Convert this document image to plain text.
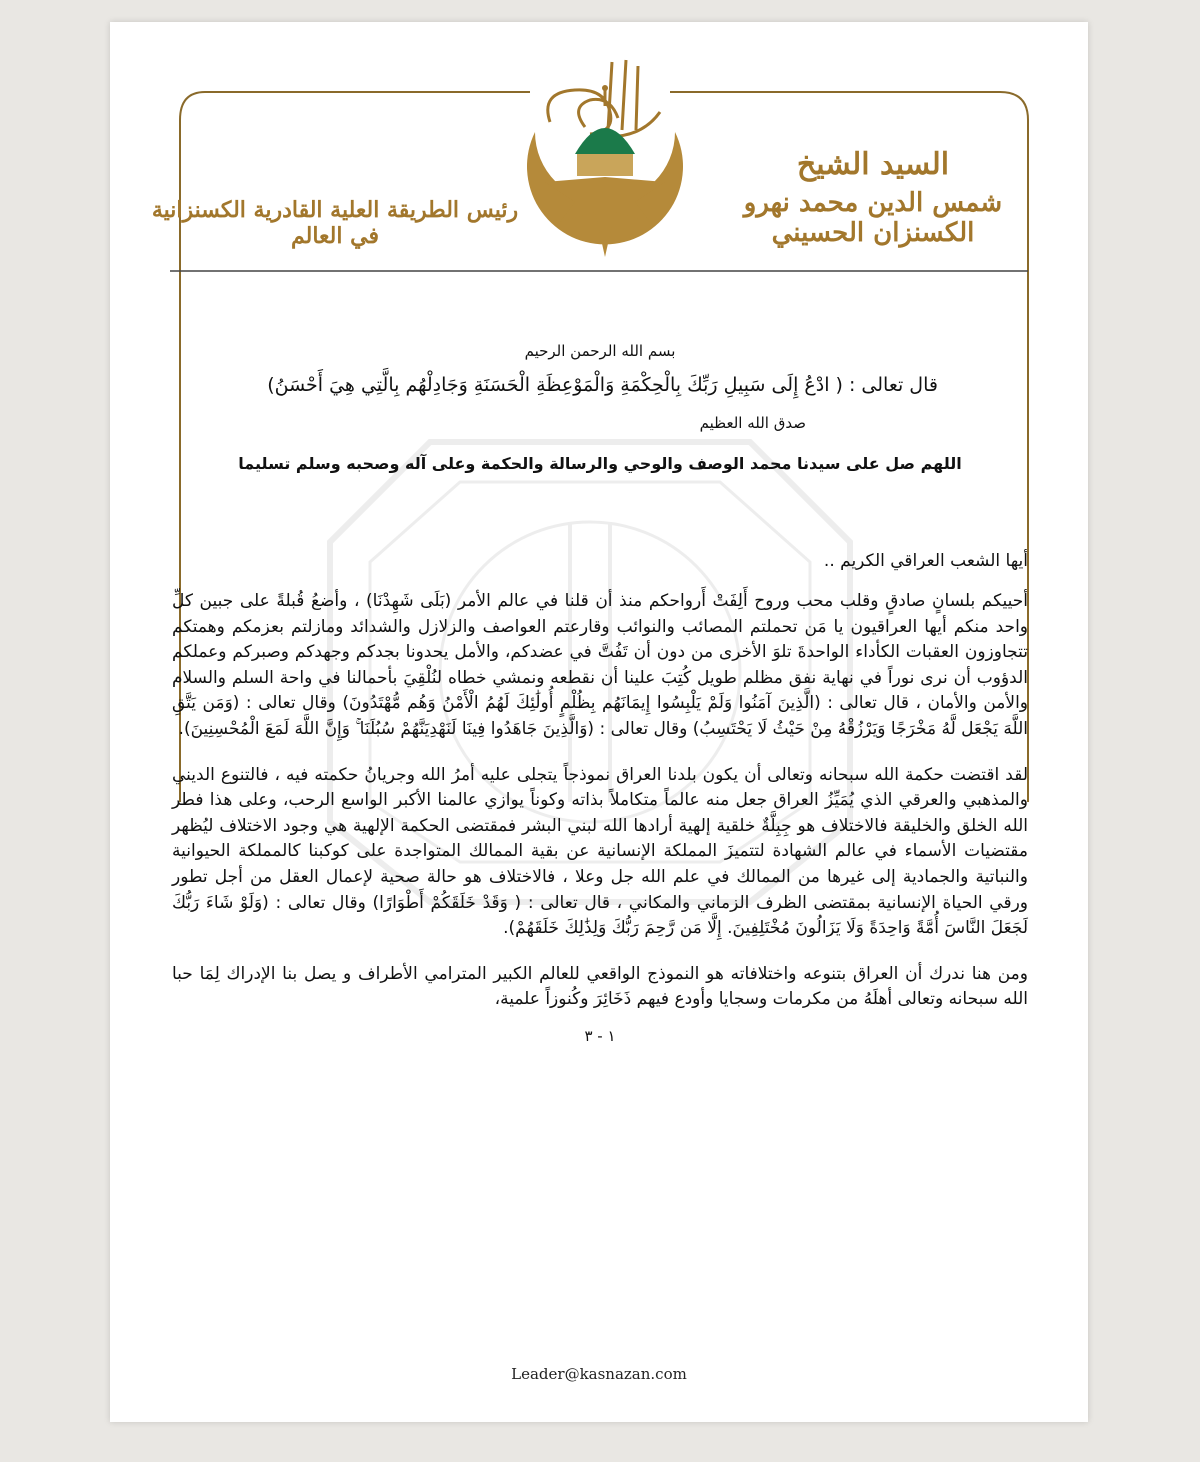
السيد الشيخ
شمس الدين محمد نهرو الكسنزان الحسيني
رئيس الطريقة العلية القادرية الكسنزانية في العالم
بسم الله الرحمن الرحيم
قال تعالى : ( ادْعُ إِلَى سَبِيلِ رَبِّكَ بِالْحِكْمَةِ وَالْمَوْعِظَةِ الْحَسَنَةِ وَجَادِلْهُم بِالَّتِي هِيَ أَحْسَنُ)
صدق الله العظيم
اللهم صل على سيدنا محمد الوصف والوحي والرسالة والحكمة وعلى آله وصحبه وسلم تسليما
أيها الشعب العراقي الكريم ..

أحييكم بلسانٍ صادقٍ وقلب محب وروح أَلِفَتْ أَرواحكم منذ أن قلنا في عالم الأمر (بَلَى شَهِدْنَا) ، وأضعُ قُبلةً على جبين كلِّ واحد منكم أيها العراقيون يا مَن تحملتم المصائب والنوائب وقارعتم العواصف والزلازل والشدائد ومازلتم بعزمكم وهمتكم تتجاوزون العقبات الكأداء الواحدةَ تلوَ الأخرى من دون أن تَفُتَّ في عضدكم، والأمل يحدونا بجدكم وجهدكم وصبركم وعملكم الدؤوب أن نرى نوراً في نهاية نفق مظلم طويل كُتِبَ علينا أن نقطعه ونمشي خطاه لنُلْقِيَ بأحمالنا في واحة السلم والسلام والأمن والأمان ، قال تعالى : (الَّذِينَ آمَنُوا وَلَمْ يَلْبِسُوا إِيمَانَهُم بِظُلْمٍ أُولَٰئِكَ لَهُمُ الْأَمْنُ وَهُم مُّهْتَدُونَ) وقال تعالى : (وَمَن يَتَّقِ اللَّهَ يَجْعَل لَّهُ مَخْرَجًا وَيَرْزُقْهُ مِنْ حَيْثُ لَا يَحْتَسِبُ) وقال تعالى : (وَالَّذِينَ جَاهَدُوا فِينَا لَنَهْدِيَنَّهُمْ سُبُلَنَا ۚ وَإِنَّ اللَّهَ لَمَعَ الْمُحْسِنِينَ).

لقد اقتضت حكمة الله سبحانه وتعالى أن يكون بلدنا العراق نموذجاً يتجلى عليه أمرُ الله وجريانُ حكمته فيه ، فالتنوع الديني والمذهبي والعرقي الذي يُمَيِّزُ العراق جعل منه عالماً متكاملاً بذاته وكوناً يوازي عالمنا الأكبر الواسع الرحب، وعلى هذا فطر الله الخلق والخليقة فالاختلاف هو جِبِلَّةٌ خلقية إلهية أرادها الله لبني البشر فمقتضى الحكمة الإلهية هي وجود الاختلاف ليُظهر مقتضيات الأسماء في عالم الشهادة لتتميزَ المملكة الإنسانية عن بقية الممالك المتواجدة على كوكبنا كالمملكة الحيوانية والنباتية والجمادية إلى غيرها من الممالك في علم الله جل وعلا ، فالاختلاف هو حالة صحية لإعمال العقل من أجل تطور ورقي الحياة الإنسانية بمقتضى الظرف الزماني والمكاني ، قال تعالى : ( وَقَدْ خَلَقَكُمْ أَطْوَارًا) وقال تعالى : (وَلَوْ شَاءَ رَبُّكَ لَجَعَلَ النَّاسَ أُمَّةً وَاحِدَةً وَلَا يَزَالُونَ مُخْتَلِفِينَ. إِلَّا مَن رَّحِمَ رَبُّكَ وَلِذَٰلِكَ خَلَقَهُمْ).

ومن هنا ندرك أن العراق بتنوعه واختلافاته هو النموذج الواقعي للعالم الكبير المترامي الأطراف و يصل بنا الإدراك لِمَا حبا الله سبحانه وتعالى أهلَهُ من مكرمات وسجايا وأودع فيهم ذَخَائِرَ وكُنوزاً علمية،

١ - ٣
Leader@kasnazan.com
